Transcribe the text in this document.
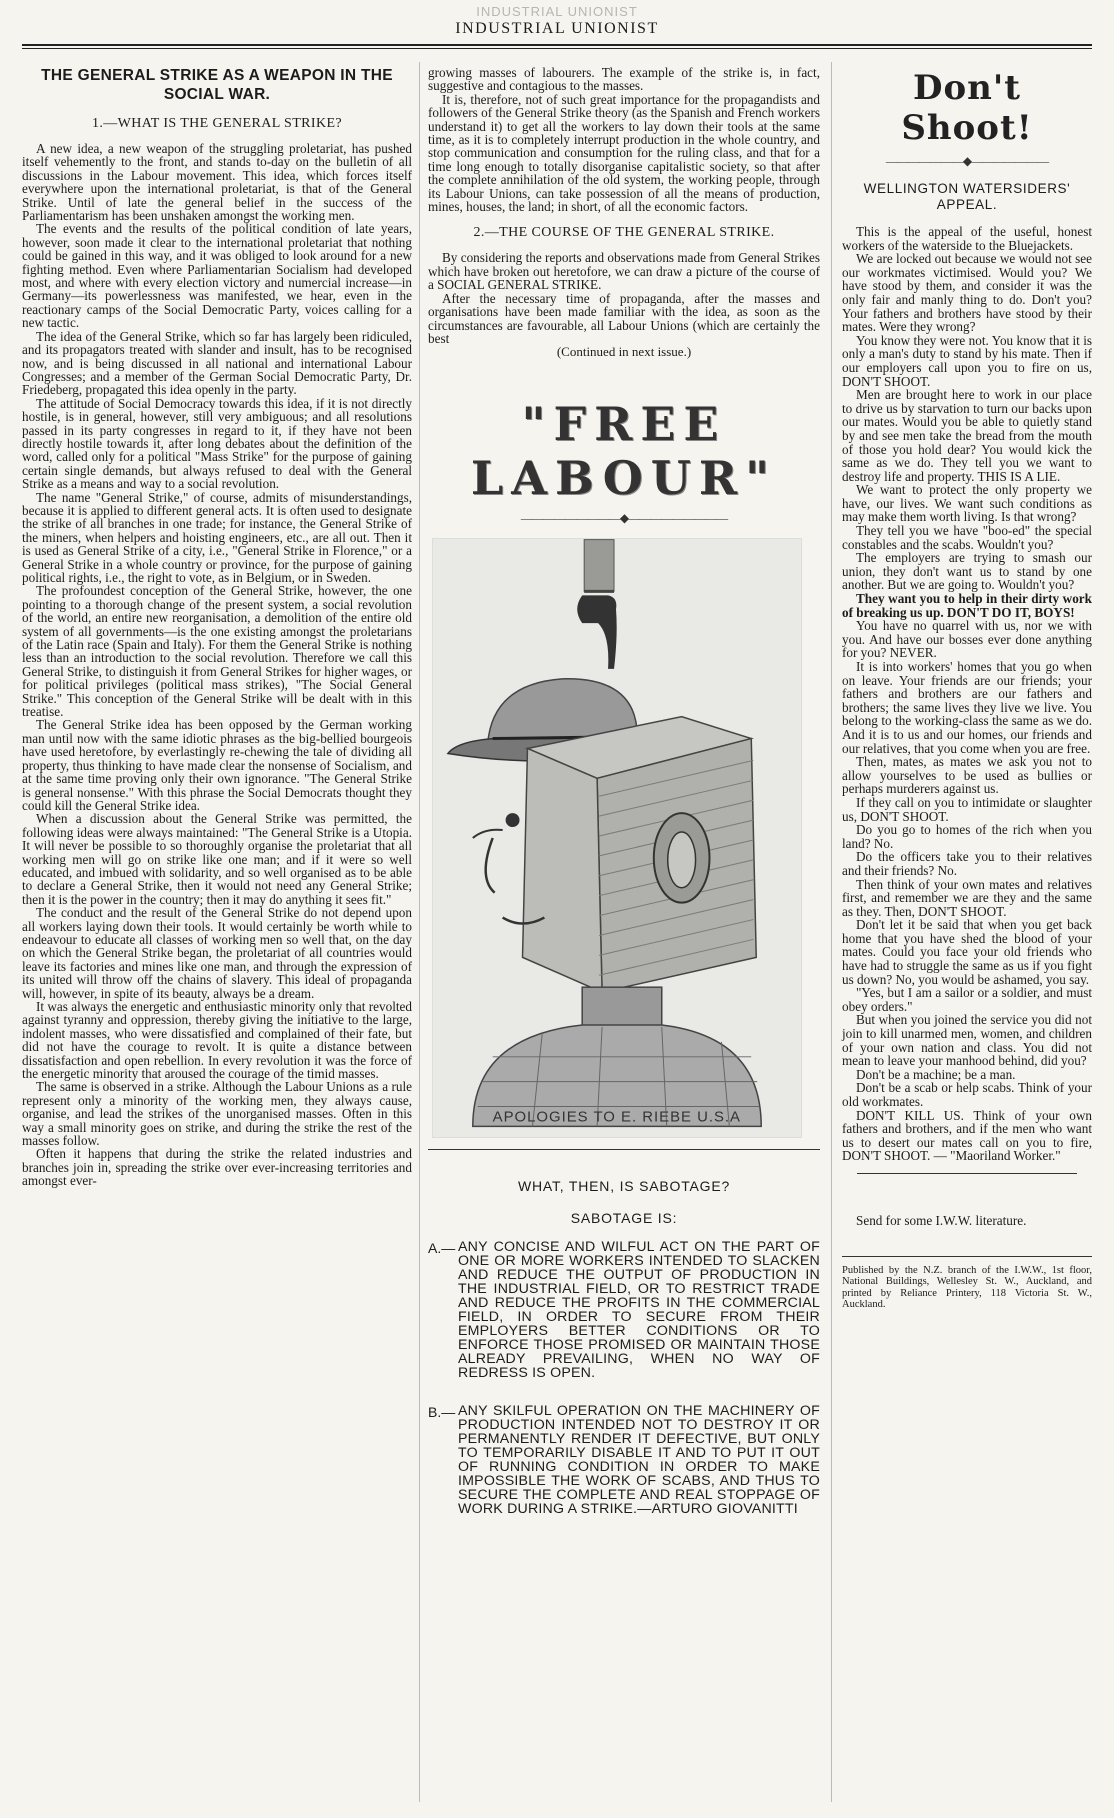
INDUSTRIAL UNIONIST
INDUSTRIAL UNIONIST
THE GENERAL STRIKE AS A WEAPON IN THE SOCIAL WAR.
1.—WHAT IS THE GENERAL STRIKE?

A new idea, a new weapon of the struggling proletariat, has pushed itself vehemently to the front, and stands to-day on the bulletin of all discussions in the Labour movement. This idea, which forces itself everywhere upon the international proletariat, is that of the General Strike. Until of late the general belief in the success of the Parliamentarism has been unshaken amongst the working men.

The events and the results of the political condition of late years, however, soon made it clear to the international proletariat that nothing could be gained in this way, and it was obliged to look around for a new fighting method. Even where Parliamentarian Socialism had developed most, and where with every election victory and numercial increase—in Germany—its powerlessness was manifested, we hear, even in the reactionary camps of the Social Democratic Party, voices calling for a new tactic.

The idea of the General Strike, which so far has largely been ridiculed, and its propagators treated with slander and insult, has to be recognised now, and is being discussed in all national and international Labour Congresses; and a member of the German Social Democratic Party, Dr. Friedeberg, propagated this idea openly in the party.

The attitude of Social Democracy towards this idea, if it is not directly hostile, is in general, however, still very ambiguous; and all resolutions passed in its party congresses in regard to it, if they have not been directly hostile towards it, after long debates about the definition of the word, called only for a political "Mass Strike" for the purpose of gaining certain single demands, but always refused to deal with the General Strike as a means and way to a social revolution.

The name "General Strike," of course, admits of misunderstandings, because it is applied to different general acts. It is often used to designate the strike of all branches in one trade; for instance, the General Strike of the miners, when helpers and hoisting engineers, etc., are all out. Then it is used as General Strike of a city, i.e., "General Strike in Florence," or a General Strike in a whole country or province, for the purpose of gaining political rights, i.e., the right to vote, as in Belgium, or in Sweden.

The profoundest conception of the General Strike, however, the one pointing to a thorough change of the present system, a social revolution of the world, an entire new reorganisation, a demolition of the entire old system of all governments—is the one existing amongst the proletarians of the Latin race (Spain and Italy). For them the General Strike is nothing less than an introduction to the social revolution. Therefore we call this General Strike, to distinguish it from General Strikes for higher wages, or for political privileges (political mass strikes), "The Social General Strike." This conception of the General Strike will be dealt with in this treatise.

The General Strike idea has been opposed by the German working man until now with the same idiotic phrases as the big-bellied bourgeois have used heretofore, by everlastingly re-chewing the tale of dividing all property, thus thinking to have made clear the nonsense of Socialism, and at the same time proving only their own ignorance. "The General Strike is general nonsense." With this phrase the Social Democrats thought they could kill the General Strike idea.

When a discussion about the General Strike was permitted, the following ideas were always maintained: "The General Strike is a Utopia. It will never be possible to so thoroughly organise the proletariat that all working men will go on strike like one man; and if it were so well educated, and imbued with solidarity, and so well organised as to be able to declare a General Strike, then it would not need any General Strike; then it is the power in the country; then it may do anything it sees fit."

The conduct and the result of the General Strike do not depend upon all workers laying down their tools. It would certainly be worth while to endeavour to educate all classes of working men so well that, on the day on which the General Strike began, the proletariat of all countries would leave its factories and mines like one man, and through the expression of its united will throw off the chains of slavery. This ideal of propaganda will, however, in spite of its beauty, always be a dream.

It was always the energetic and enthusiastic minority only that revolted against tyranny and oppression, thereby giving the initiative to the large, indolent masses, who were dissatisfied and complained of their fate, but did not have the courage to revolt. It is quite a distance between dissatisfaction and open rebellion. In every revolution it was the force of the energetic minority that aroused the courage of the timid masses.

The same is observed in a strike. Although the Labour Unions as a rule represent only a minority of the working men, they always cause, organise, and lead the strikes of the unorganised masses. Often in this way a small minority goes on strike, and during the strike the rest of the masses follow.

Often it happens that during the strike the related industries and branches join in, spreading the strike over ever-increasing territories and amongst ever-

growing masses of labourers. The example of the strike is, in fact, suggestive and contagious to the masses.

It is, therefore, not of such great importance for the propagandists and followers of the General Strike theory (as the Spanish and French workers understand it) to get all the workers to lay down their tools at the same time, as it is to completely interrupt production in the whole country, and stop communication and consumption for the ruling class, and that for a time long enough to totally disorganise capitalistic society, so that after the complete annihilation of the old system, the working people, through its Labour Unions, can take possession of all the means of production, mines, houses, the land; in short, of all the economic factors.

2.—THE COURSE OF THE GENERAL STRIKE.

By considering the reports and observations made from General Strikes which have broken out heretofore, we can draw a picture of the course of a SOCIAL GENERAL STRIKE.

After the necessary time of propaganda, after the masses and organisations have been made familiar with the idea, as soon as the circumstances are favourable, all Labour Unions (which are certainly the best

(Continued in next issue.)
"FREE LABOUR"
—————————◆—————————
APOLOGIES TO E. RIEBE U.S.A
WHAT, THEN, IS SABOTAGE?
SABOTAGE IS:
A.— ANY CONCISE AND WILFUL ACT ON THE PART OF ONE OR MORE WORKERS INTENDED TO SLACKEN AND REDUCE THE OUTPUT OF PRODUCTION IN THE INDUSTRIAL FIELD, OR TO RESTRICT TRADE AND REDUCE THE PROFITS IN THE COMMERCIAL FIELD, IN ORDER TO SECURE FROM THEIR EMPLOYERS BETTER CONDITIONS OR TO ENFORCE THOSE PROMISED OR MAINTAIN THOSE ALREADY PREVAILING, WHEN NO WAY OF REDRESS IS OPEN.
B.— ANY SKILFUL OPERATION ON THE MACHINERY OF PRODUCTION INTENDED NOT TO DESTROY IT OR PERMANENTLY RENDER IT DEFECTIVE, BUT ONLY TO TEMPORARILY DISABLE IT AND TO PUT IT OUT OF RUNNING CONDITION IN ORDER TO MAKE IMPOSSIBLE THE WORK OF SCABS, AND THUS TO SECURE THE COMPLETE AND REAL STOPPAGE OF WORK DURING A STRIKE.—ARTURO GIOVANITTI
Don't Shoot!
———————◆———————
WELLINGTON WATERSIDERS' APPEAL.

This is the appeal of the useful, honest workers of the waterside to the Bluejackets.

We are locked out because we would not see our workmates victimised. Would you? We have stood by them, and consider it was the only fair and manly thing to do. Don't you? Your fathers and brothers have stood by their mates. Were they wrong?

You know they were not. You know that it is only a man's duty to stand by his mate. Then if our employers call upon you to fire on us, DON'T SHOOT.

Men are brought here to work in our place to drive us by starvation to turn our backs upon our mates. Would you be able to quietly stand by and see men take the bread from the mouth of those you hold dear? You would kick the same as we do. They tell you we want to destroy life and property. THIS IS A LIE.

We want to protect the only property we have, our lives. We want such conditions as may make them worth living. Is that wrong?

They tell you we have "boo-ed" the special constables and the scabs. Wouldn't you?

The employers are trying to smash our union, they don't want us to stand by one another. But we are going to. Wouldn't you?

They want you to help in their dirty work of breaking us up. DON'T DO IT, BOYS!

You have no quarrel with us, nor we with you. And have our bosses ever done anything for you? NEVER.

It is into workers' homes that you go when on leave. Your friends are our friends; your fathers and brothers are our fathers and brothers; the same lives they live we live. You belong to the working-class the same as we do. And it is to us and our homes, our friends and our relatives, that you come when you are free.

Then, mates, as mates we ask you not to allow yourselves to be used as bullies or perhaps murderers against us.

If they call on you to intimidate or slaughter us, DON'T SHOOT.

Do you go to homes of the rich when you land? No.

Do the officers take you to their relatives and their friends? No.

Then think of your own mates and relatives first, and remember we are they and the same as they. Then, DON'T SHOOT.

Don't let it be said that when you get back home that you have shed the blood of your mates. Could you face your old friends who have had to struggle the same as us if you fight us down? No, you would be ashamed, you say.

"Yes, but I am a sailor or a soldier, and must obey orders."

But when you joined the service you did not join to kill unarmed men, women, and children of your own nation and class. You did not mean to leave your manhood behind, did you?

Don't be a machine; be a man.

Don't be a scab or help scabs. Think of your old workmates.

DON'T KILL US. Think of your own fathers and brothers, and if the men who want us to desert our mates call on you to fire, DON'T SHOOT. — "Maoriland Worker."

Send for some I.W.W. literature.

Published by the N.Z. branch of the I.W.W., 1st floor, National Buildings, Wellesley St. W., Auckland, and printed by Reliance Printery, 118 Victoria St. W., Auckland.
